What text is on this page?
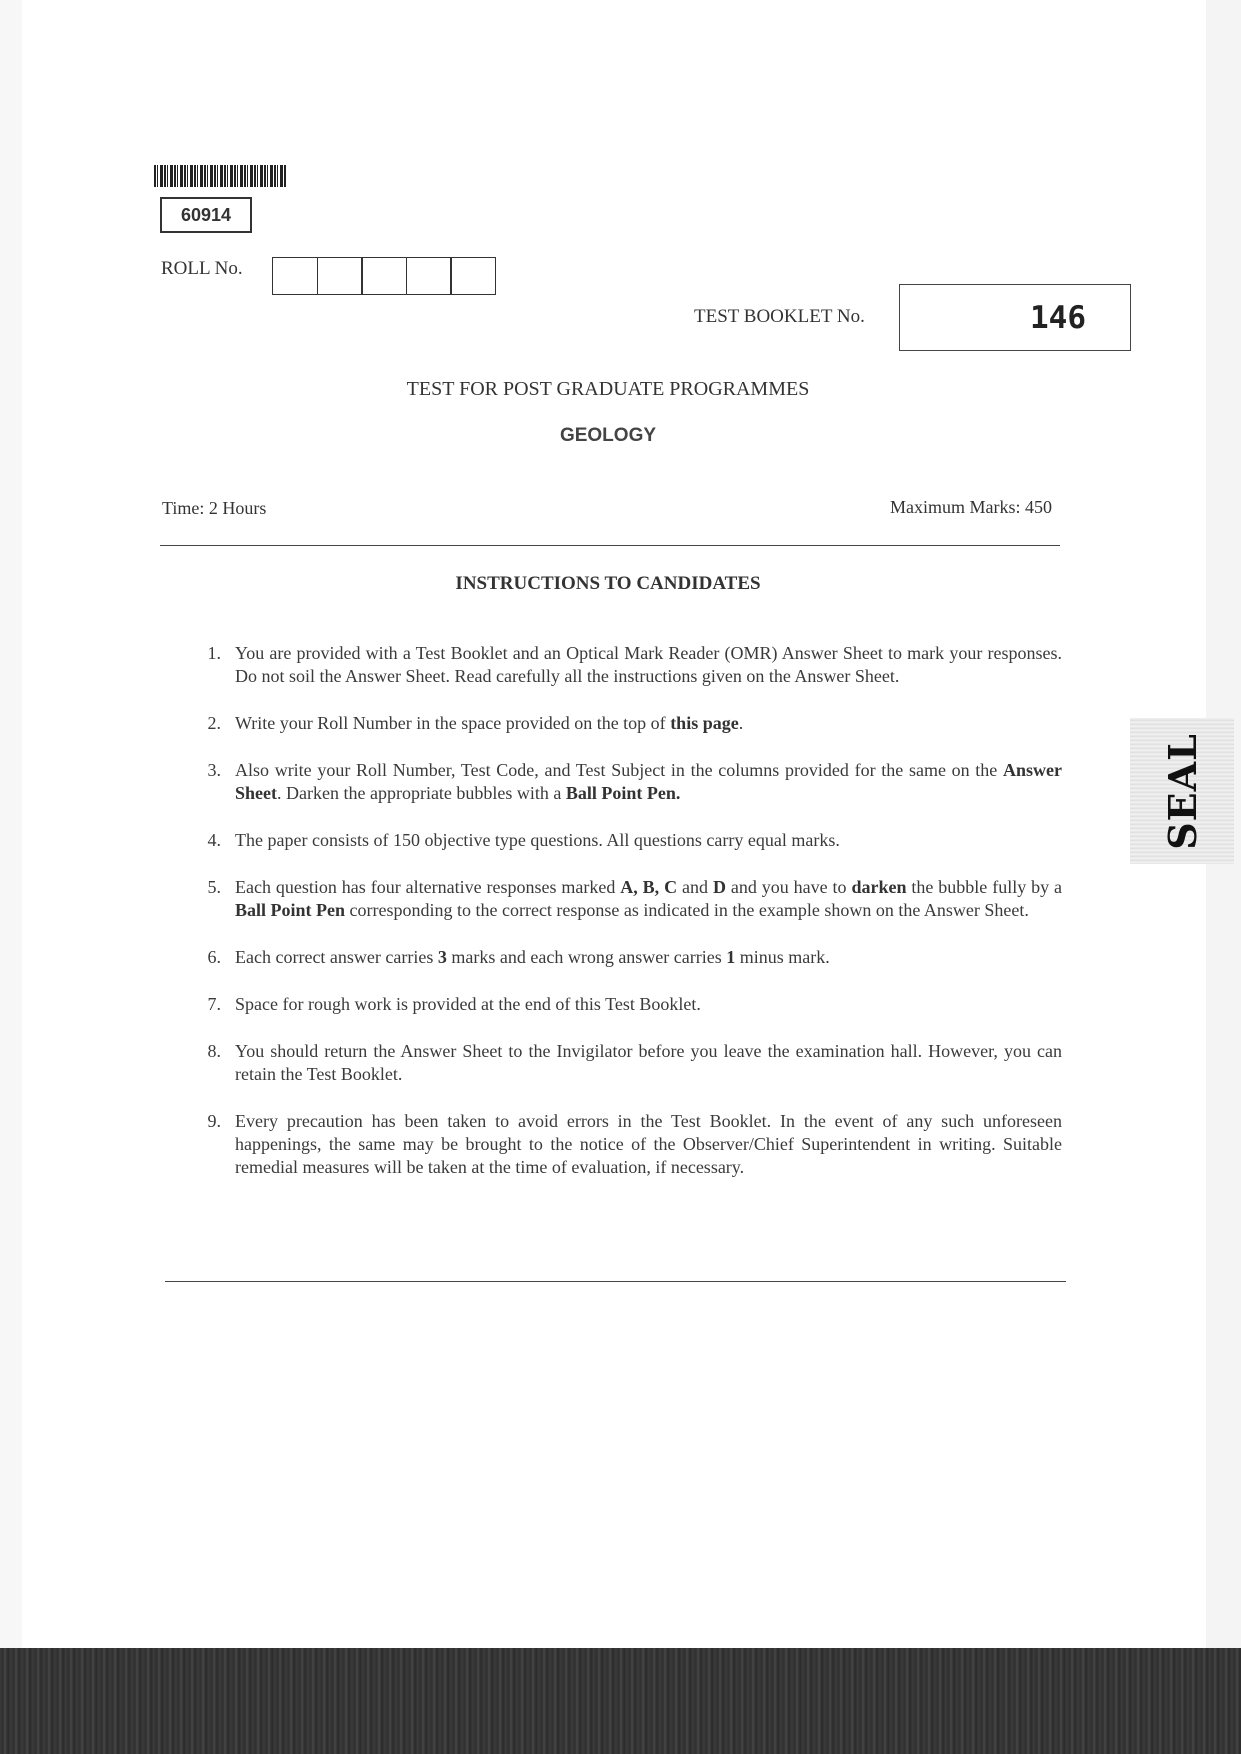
60914
ROLL No.
TEST BOOKLET No.	146
TEST FOR POST GRADUATE PROGRAMMES
GEOLOGY
Time: 2 Hours	Maximum Marks: 450
INSTRUCTIONS TO CANDIDATES
1. You are provided with a Test Booklet and an Optical Mark Reader (OMR) Answer Sheet to mark your responses. Do not soil the Answer Sheet. Read carefully all the instructions given on the Answer Sheet.
2. Write your Roll Number in the space provided on the top of this page.
3. Also write your Roll Number, Test Code, and Test Subject in the columns provided for the same on the Answer Sheet. Darken the appropriate bubbles with a Ball Point Pen.
4. The paper consists of 150 objective type questions. All questions carry equal marks.
5. Each question has four alternative responses marked A, B, C and D and you have to darken the bubble fully by a Ball Point Pen corresponding to the correct response as indicated in the example shown on the Answer Sheet.
6. Each correct answer carries 3 marks and each wrong answer carries 1 minus mark.
7. Space for rough work is provided at the end of this Test Booklet.
8. You should return the Answer Sheet to the Invigilator before you leave the examination hall. However, you can retain the Test Booklet.
9. Every precaution has been taken to avoid errors in the Test Booklet. In the event of any such unforeseen happenings, the same may be brought to the notice of the Observer/Chief Superintendent in writing. Suitable remedial measures will be taken at the time of evaluation, if necessary.
SEAL
